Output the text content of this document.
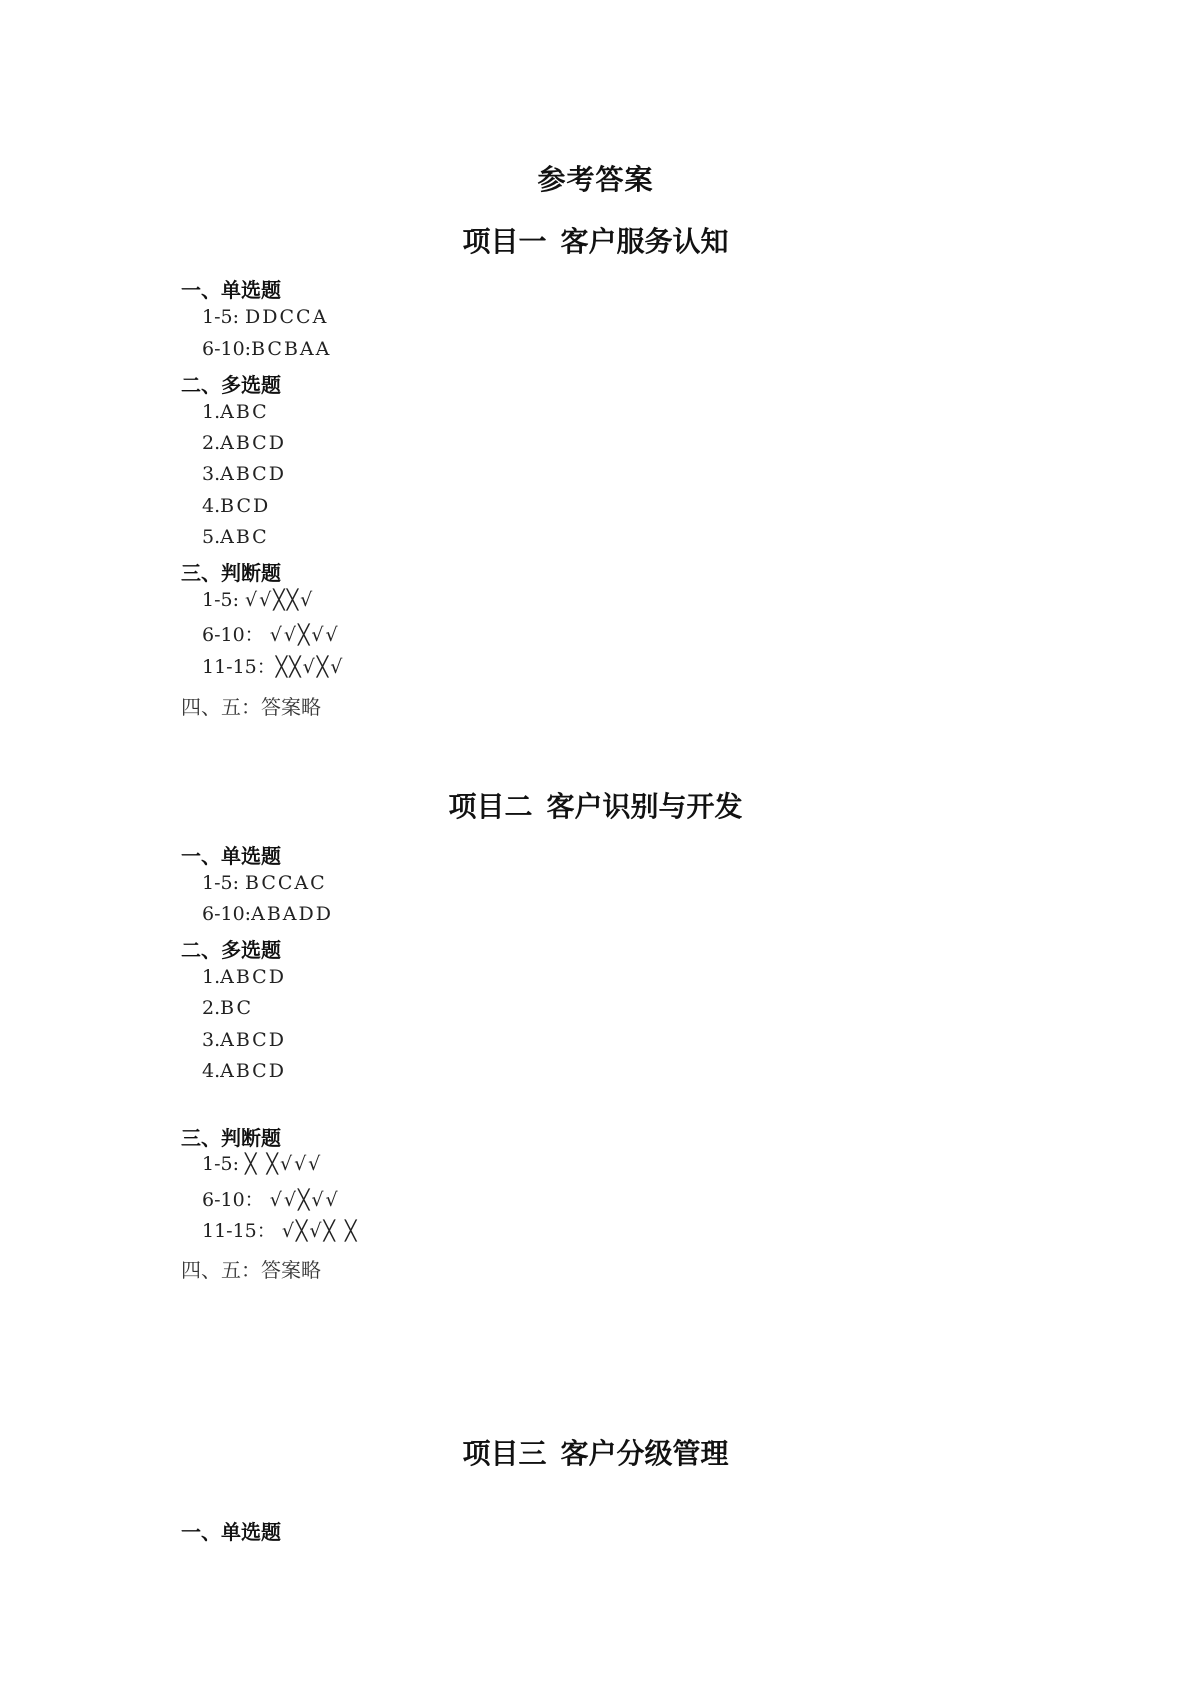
参考答案
项目一 客户服务认知
一、单选题
1-5: DDCCA
6-10:BCBAA
二、多选题
1.ABC
2.ABCD
3.ABCD
4.BCD
5.ABC
三、判断题
1-5: √√╳╳√
6-10： √√╳√√
11-15：╳╳√╳√
四、五：答案略
项目二 客户识别与开发
一、单选题
1-5: BCCAC
6-10:ABADD
二、多选题
1.ABCD
2.BC
3.ABCD
4.ABCD
三、判断题
1-5: ╳ ╳√√√
6-10： √√╳√√
11-15： √╳√╳ ╳
四、五：答案略
项目三 客户分级管理
一、单选题
